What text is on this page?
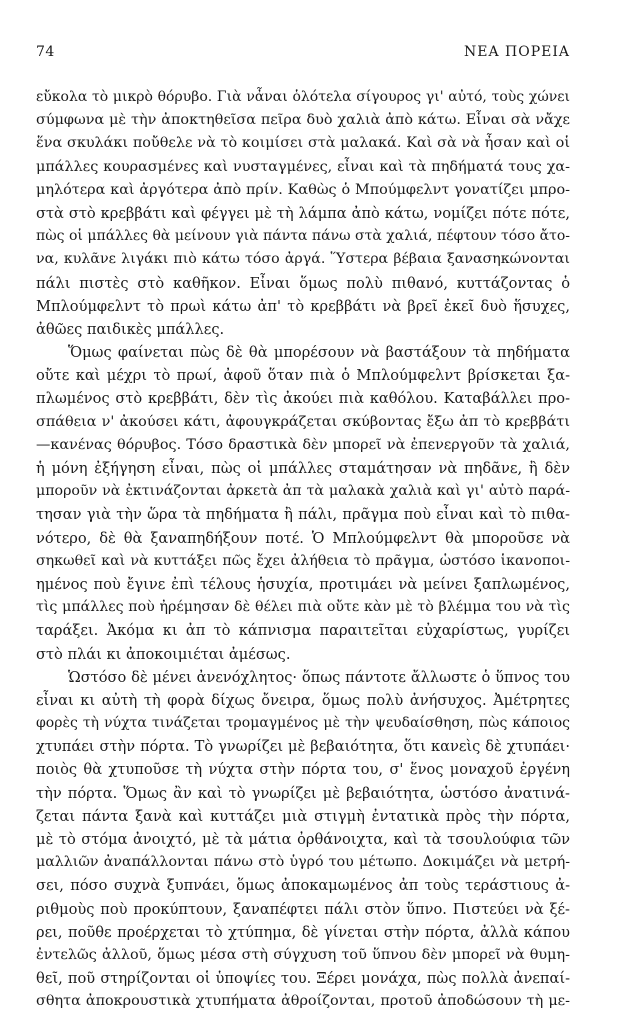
74	ΝΕΑ ΠΟΡΕΙΑ
εὔκολα τὸ μικρὸ θόρυβο. Γιὰ νἆναι ὁλότελα σίγουρος γι' αὐτό, τοὺς χώνει
σύμφωνα μὲ τὴν ἀποκτηθεῖσα πεῖρα δυὸ χαλιὰ ἀπὸ κάτω. Εἶναι σὰ νἄχε
ἕνα σκυλάκι ποὔθελε νὰ τὸ κοιμίσει στὰ μαλακά. Καὶ σὰ νὰ ἦσαν καὶ οἱ
μπάλλες κουρασμένες καὶ νυσταγμένες, εἶναι καὶ τὰ πηδήματά τους χα-
μηλότερα καὶ ἀργότερα ἀπὸ πρίν. Καθὼς ὁ Μπούμφελντ γονατίζει μπρο-
στὰ στὸ κρεββάτι καὶ φέγγει μὲ τὴ λάμπα ἀπὸ κάτω, νομίζει πότε πότε,
πὼς οἱ μπάλλες θὰ μείνουν γιὰ πάντα πάνω στὰ χαλιά, πέφτουν τόσο ἄτο-
να, κυλᾶνε λιγάκι πιὸ κάτω τόσο ἀργά. Ὕστερα βέβαια ξανασηκώνονται
πάλι πιστὲς στὸ καθῆκον. Εἶναι ὅμως πολὺ πιθανό, κυττάζοντας ὁ
Μπλούμφελντ τὸ πρωὶ κάτω ἀπ' τὸ κρεββάτι νὰ βρεῖ ἐκεῖ δυὸ ἥσυχες,
ἀθῶες παιδικὲς μπάλλες.
Ὅμως φαίνεται πὼς δὲ θὰ μπορέσουν νὰ βαστάξουν τὰ πηδήματα
οὔτε καὶ μέχρι τὸ πρωί, ἀφοῦ ὅταν πιὰ ὁ Μπλούμφελντ βρίσκεται ξα-
πλωμένος στὸ κρεββάτι, δὲν τὶς ἀκούει πιὰ καθόλου. Καταβάλλει προ-
σπάθεια ν' ἀκούσει κάτι, ἀφουγκράζεται σκύβοντας ἔξω ἀπ τὸ κρεββάτι
—κανένας θόρυβος. Τόσο δραστικὰ δὲν μπορεῖ νὰ ἐπενεργοῦν τὰ χαλιά,
ἡ μόνη ἐξήγηση εἶναι, πὼς οἱ μπάλλες σταμάτησαν νὰ πηδᾶνε, ἢ δὲν
μποροῦν νὰ ἐκτινάζονται ἀρκετὰ ἀπ τὰ μαλακὰ χαλιὰ καὶ γι' αὐτὸ παρά-
τησαν γιὰ τὴν ὥρα τὰ πηδήματα ἢ πάλι, πρᾶγμα ποὺ εἶναι καὶ τὸ πιθα-
νότερο, δὲ θὰ ξαναπηδήξουν ποτέ. Ὁ Μπλούμφελντ θὰ μποροῦσε νὰ
σηκωθεῖ καὶ νὰ κυττάξει πῶς ἔχει ἀλήθεια τὸ πρᾶγμα, ὡστόσο ἱκανοποι-
ημένος ποὺ ἔγινε ἐπὶ τέλους ἡσυχία, προτιμάει νὰ μείνει ξαπλωμένος,
τὶς μπάλλες ποὺ ἠρέμησαν δὲ θέλει πιὰ οὔτε κὰν μὲ τὸ βλέμμα του νὰ τὶς
ταράξει. Ἀκόμα κι ἀπ τὸ κάπνισμα παραιτεῖται εὐχαρίστως, γυρίζει
στὸ πλάι κι ἀποκοιμιέται ἀμέσως.
Ὡστόσο δὲ μένει ἀνενόχλητος· ὅπως πάντοτε ἄλλωστε ὁ ὕπνος του
εἶναι κι αὐτὴ τὴ φορὰ δίχως ὄνειρα, ὅμως πολὺ ἀνήσυχος. Ἀμέτρητες
φορὲς τὴ νύχτα τινάζεται τρομαγμένος μὲ τὴν ψευδαίσθηση, πὼς κάποιος
χτυπάει στὴν πόρτα. Τὸ γνωρίζει μὲ βεβαιότητα, ὅτι κανεὶς δὲ χτυπάει·
ποιὸς θὰ χτυποῦσε τὴ νύχτα στὴν πόρτα του, σ' ἕνος μοναχοῦ ἐργένη
τὴν πόρτα. Ὅμως ἂν καὶ τὸ γνωρίζει μὲ βεβαιότητα, ὡστόσο ἀνατινά-
ζεται πάντα ξανὰ καὶ κυττάζει μιὰ στιγμὴ ἐντατικὰ πρὸς τὴν πόρτα,
μὲ τὸ στόμα ἀνοιχτό, μὲ τὰ μάτια ὀρθάνοιχτα, καὶ τὰ τσουλούφια τῶν
μαλλιῶν ἀναπάλλονται πάνω στὸ ὑγρό του μέτωπο. Δοκιμάζει νὰ μετρή-
σει, πόσο συχνὰ ξυπνάει, ὅμως ἀποκαμωμένος ἀπ τοὺς τεράστιους ἀ-
ριθμοὺς ποὺ προκύπτουν, ξαναπέφτει πάλι στὸν ὕπνο. Πιστεύει νὰ ξέ-
ρει, ποῦθε προέρχεται τὸ χτύπημα, δὲ γίνεται στὴν πόρτα, ἀλλὰ κάπου
ἐντελῶς ἀλλοῦ, ὅμως μέσα στὴ σύγχυση τοῦ ὕπνου δὲν μπορεῖ νὰ θυμη-
θεῖ, ποῦ στηρίζονται οἱ ὑποψίες του. Ξέρει μονάχα, πὼς πολλὰ ἀνεπαί-
σθητα ἀποκρουστικὰ χτυπήματα ἀθροίζονται, προτοῦ ἀποδώσουν τὴ με-
